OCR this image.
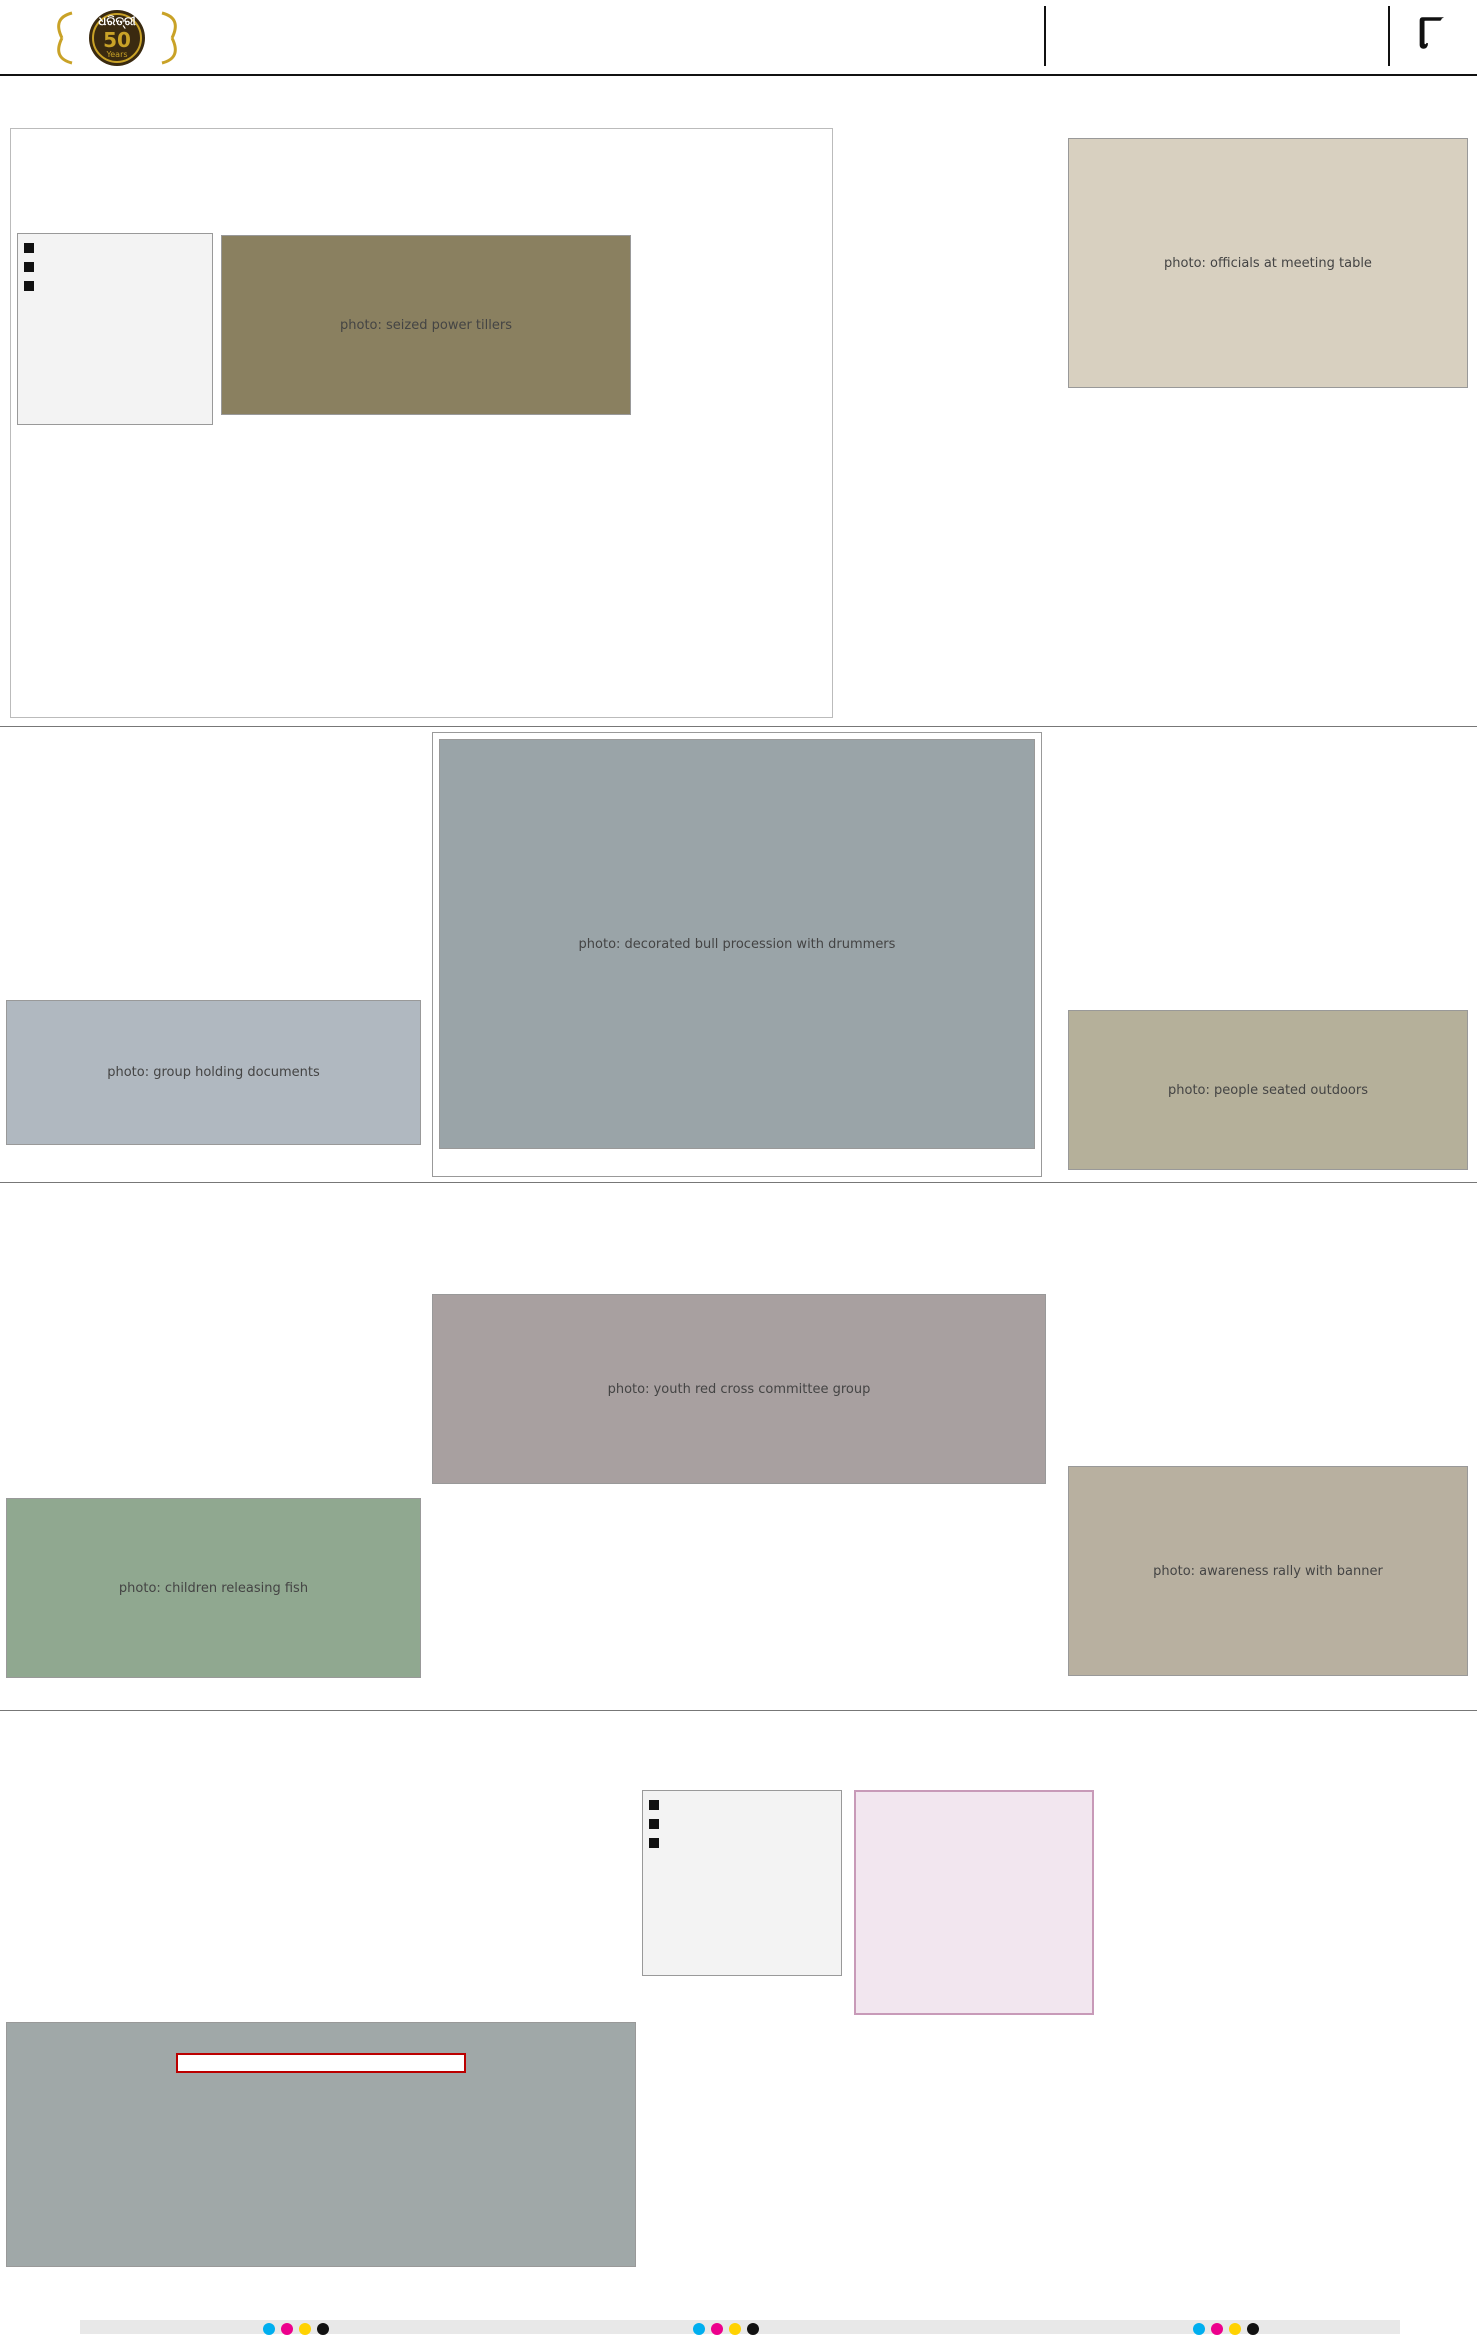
ଧରିତ୍ରୀ
50
Years	୮
photo: seized power tillers
photo: officials at meeting table
photo: group holding documents
photo: decorated bull procession with drummers
photo: people seated outdoors
photo: children releasing fish
photo: youth red cross committee group
photo: awareness rally with banner
